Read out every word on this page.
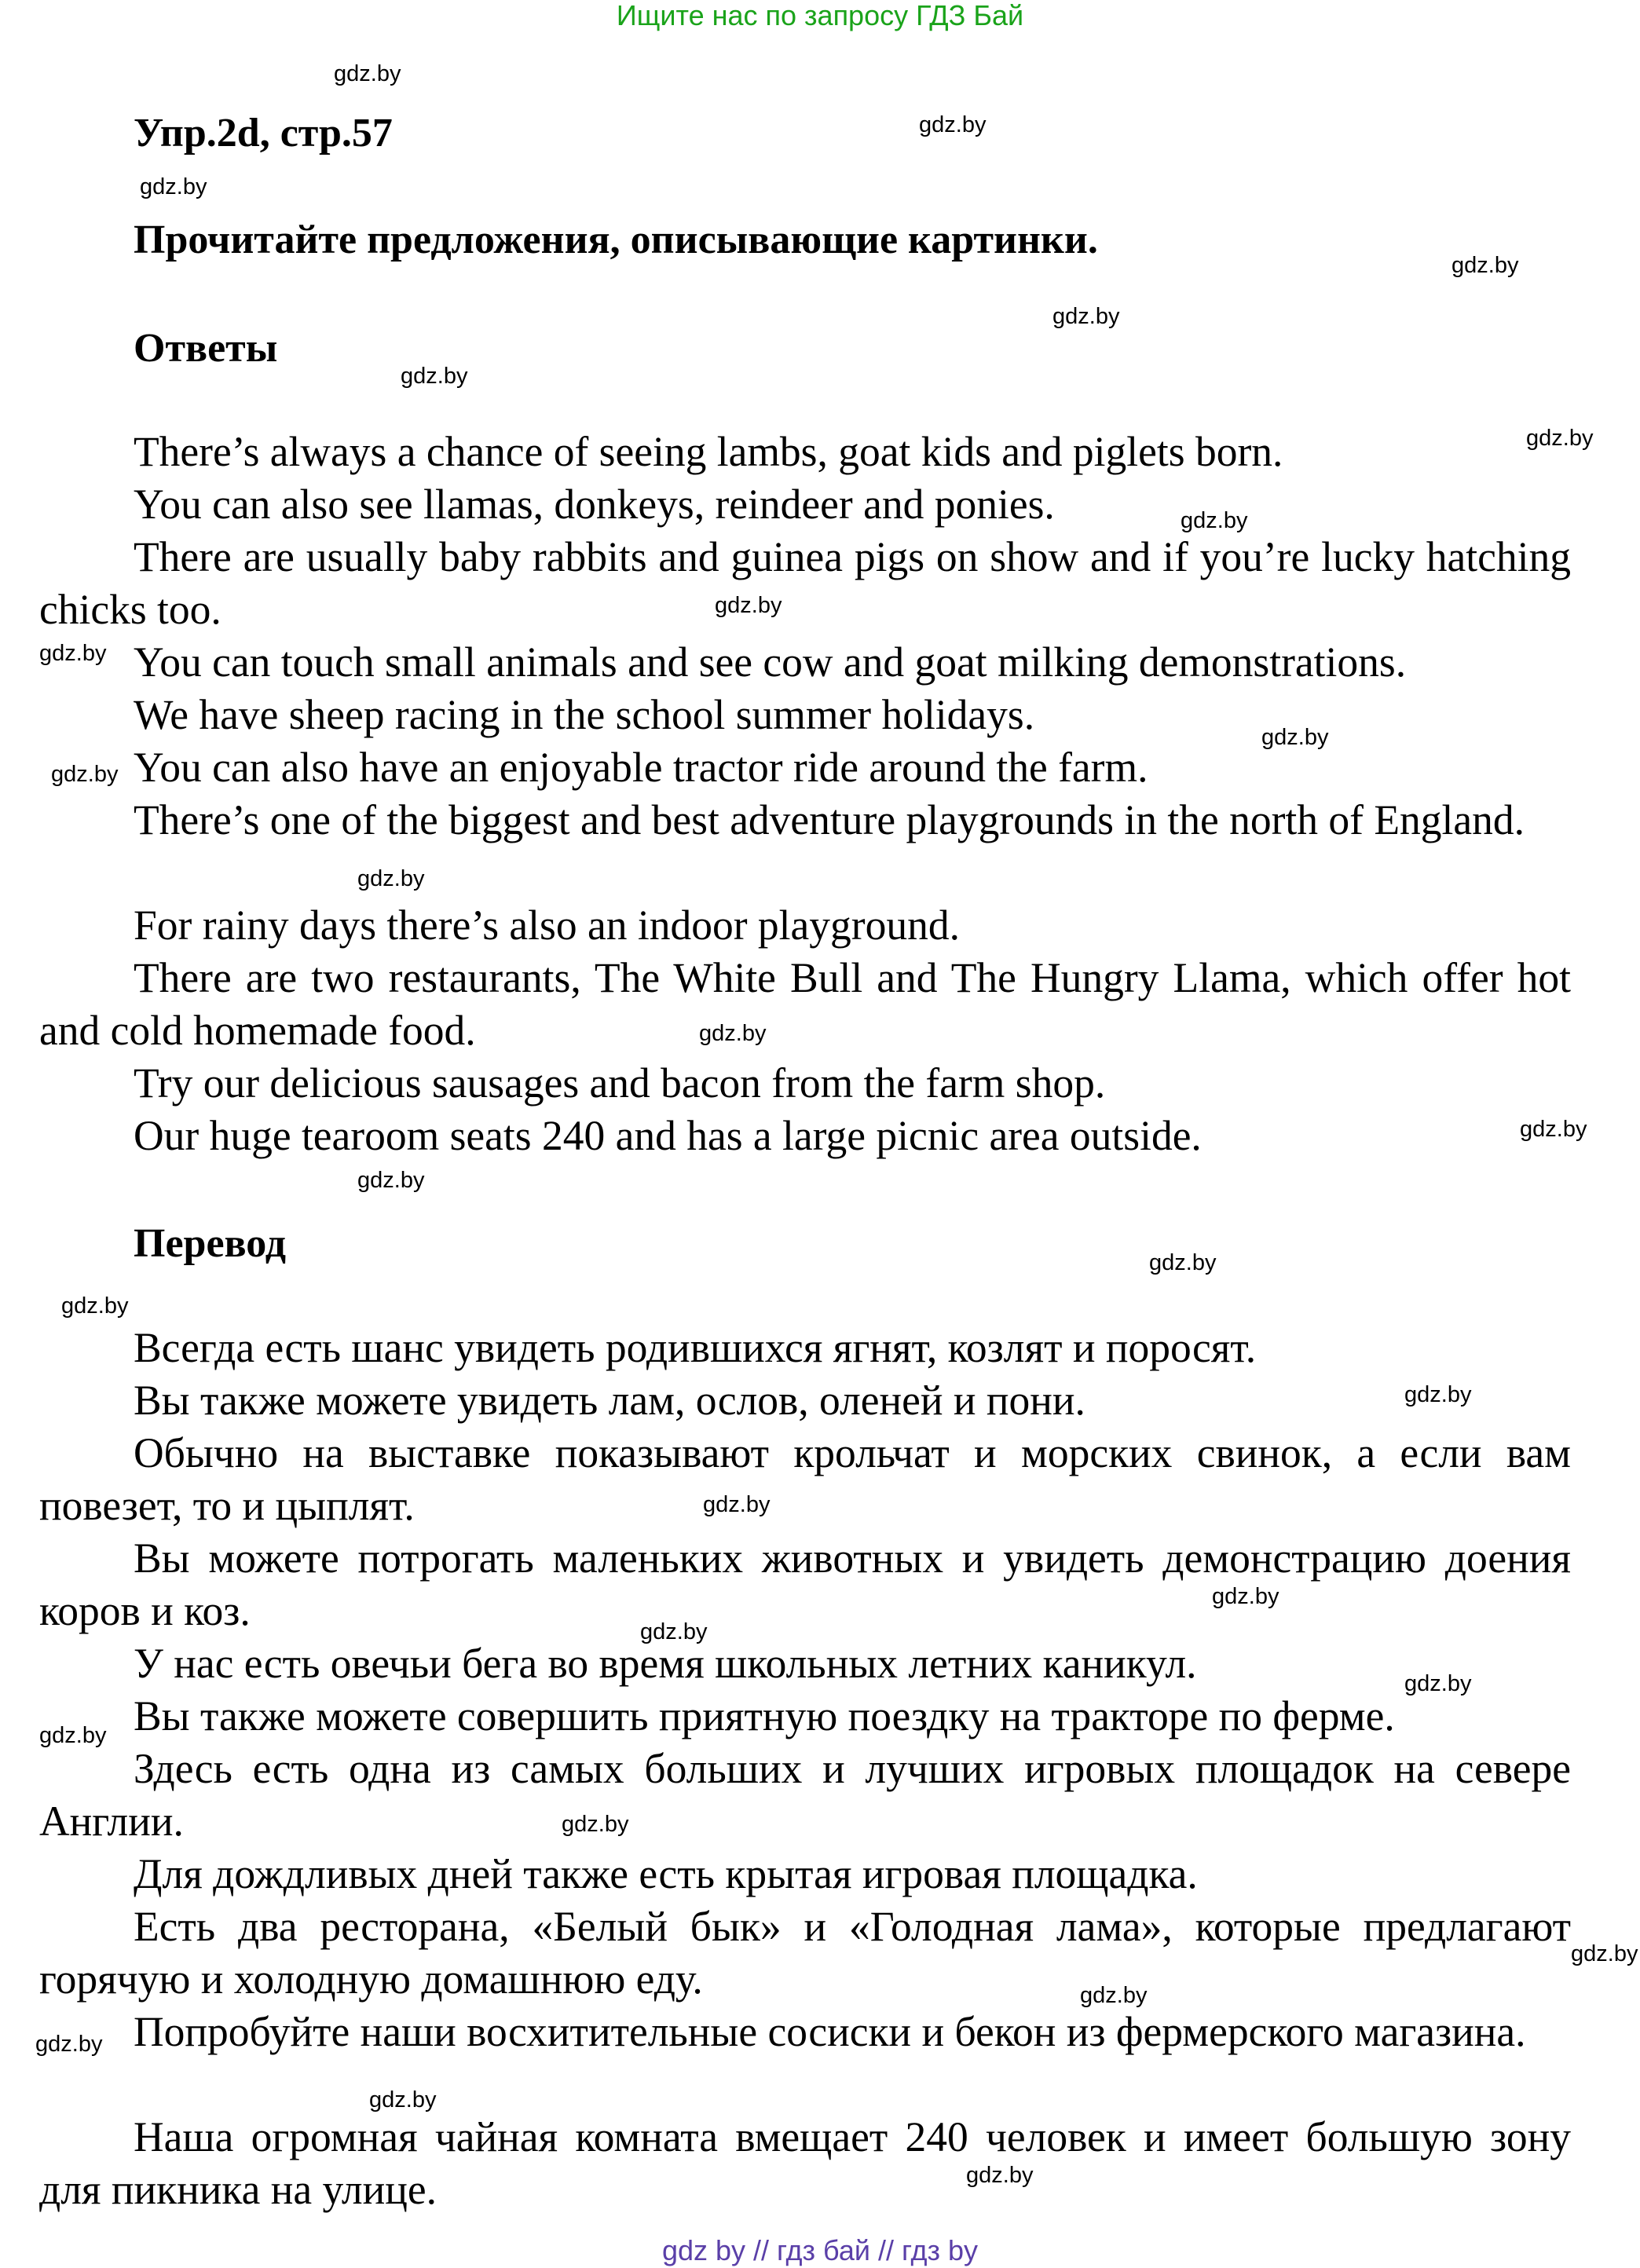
Ищите нас по запросу ГДЗ Бай
Упр.2d, стр.57
Прочитайте предложения, описывающие картинки.
Ответы

There’s always a chance of seeing lambs, goat kids and piglets born.

You can also see llamas, donkeys, reindeer and ponies.

There are usually baby rabbits and guinea pigs on show and if you’re lucky hatching chicks too.

You can touch small animals and see cow and goat milking demonstrations.

We have sheep racing in the school summer holidays.

You can also have an enjoyable tractor ride around the farm.

There’s one of the biggest and best adventure playgrounds in the north of England.

For rainy days there’s also an indoor playground.

There are two restaurants, The White Bull and The Hungry Llama, which offer hot and cold homemade food.

Try our delicious sausages and bacon from the farm shop.

Our huge tearoom seats 240 and has a large picnic area outside.

Перевод

Всегда есть шанс увидеть родившихся ягнят, козлят и поросят.

Вы также можете увидеть лам, ослов, оленей и пони.

Обычно на выставке показывают крольчат и морских свинок, а если вам повезет, то и цыплят.

Вы можете потрогать маленьких животных и увидеть демонстрацию доения коров и коз.

У нас есть овечьи бега во время школьных летних каникул.

Вы также можете совершить приятную поездку на тракторе по ферме.

Здесь есть одна из самых больших и лучших игровых площадок на севере Англии.

Для дождливых дней также есть крытая игровая площадка.

Есть два ресторана, «Белый бык» и «Голодная лама», которые предлагают горячую и холодную домашнюю еду.

Попробуйте наши восхитительные сосиски и бекон из фермерского магазина.

Наша огромная чайная комната вмещает 240 человек и имеет большую зону для пикника на улице.

gdz.by
gdz.by
gdz.by
gdz.by
gdz.by
gdz.by
gdz.by
gdz.by
gdz.by
gdz.by
gdz.by
gdz.by
gdz.by
gdz.by
gdz.by
gdz.by
gdz.by
gdz.by
gdz.by
gdz.by
gdz.by
gdz.by
gdz.by
gdz.by
gdz.by
gdz.by
gdz.by
gdz.by
gdz.by
gdz.by
gdz by // гдз бай // гдз by
